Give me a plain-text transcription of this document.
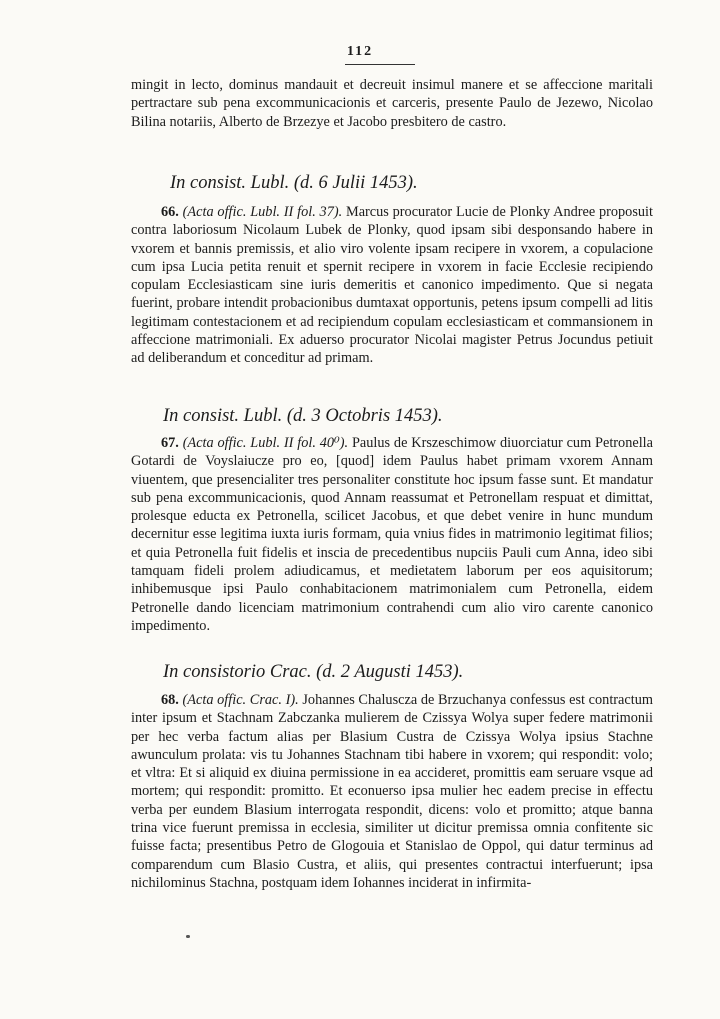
112

mingit in lecto, dominus mandauit et decreuit insimul manere et se affeccione maritali pertractare sub pena excommunicacionis et carceris, presente Paulo de Jezewo, Nicolao Bilina notariis, Alberto de Brzezye et Jacobo presbitero de castro.

In consist. Lubl. (d. 6 Julii 1453).

66. (Acta offic. Lubl. II fol. 37). Marcus procurator Lucie de Plonky Andree proposuit contra laboriosum Nicolaum Lubek de Plonky, quod ipsam sibi desponsando habere in vxorem et bannis premissis, et alio viro volente ipsam recipere in vxorem, a copulacione cum ipsa Lucia petita renuit et spernit recipere in vxorem in facie Ecclesie recipiendo copulam Ecclesiasticam sine iuris demeritis et canonico impedimento. Que si negata fuerint, probare intendit probacionibus dumtaxat opportunis, petens ipsum compelli ad litis legitimam contestacionem et ad recipiendum copulam ecclesiasticam et commansionem in affeccione matrimoniali. Ex aduerso procurator Nicolai magister Petrus Jocundus petiuit ad deliberandum et conceditur ad primam.

In consist. Lubl. (d. 3 Octobris 1453).

67. (Acta offic. Lubl. II fol. 40⁰). Paulus de Krszeschimow diuorciatur cum Petronella Gotardi de Voyslaiucze pro eo, [quod] idem Paulus habet primam vxorem Annam viuentem, que presencialiter tres personaliter constitute hoc ipsum fasse sunt. Et mandatur sub pena excommunicacionis, quod Annam reassumat et Petronellam respuat et dimittat, prolesque educta ex Petronella, scilicet Jacobus, et que debet venire in hunc mundum decernitur esse legitima iuxta iuris formam, quia vnius fides in matrimonio legitimat filios; et quia Petronella fuit fidelis et inscia de precedentibus nupciis Pauli cum Anna, ideo sibi tamquam fideli prolem adiudicamus, et medietatem laborum per eos aquisitorum; inhibemusque ipsi Paulo conhabitacionem matrimonialem cum Petronella, eidem Petronelle dando licenciam matrimonium contrahendi cum alio viro carente canonico impedimento.

In consistorio Crac. (d. 2 Augusti 1453).

68. (Acta offic. Crac. I). Johannes Chaluscza de Brzuchanya confessus est contractum inter ipsum et Stachnam Zabczanka mulierem de Czissya Wolya super federe matrimonii per hec verba factum alias per Blasium Custra de Czissya Wolya ipsius Stachne awunculum prolata: vis tu Johannes Stachnam tibi habere in vxorem; qui respondit: volo; et vltra: Et si aliquid ex diuina permissione in ea accideret, promittis eam seruare vsque ad mortem; qui respondit: promitto. Et econuerso ipsa mulier hec eadem precise in effectu verba per eundem Blasium interrogata respondit, dicens: volo et promitto; atque banna trina vice fuerunt premissa in ecclesia, similiter ut dicitur premissa omnia confitente sic fuisse facta; presentibus Petro de Glogouia et Stanislao de Oppol, qui datur terminus ad comparendum cum Blasio Custra, et aliis, qui presentes contractui interfuerunt; ipsa nichilominus Stachna, postquam idem Iohannes inciderat in infirmita-
